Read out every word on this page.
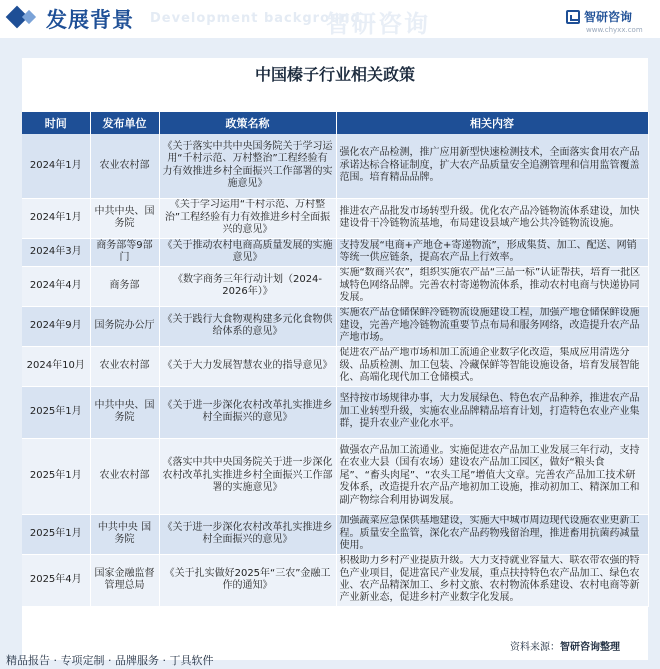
发展背景 Development background
智研咨询	智研咨询
www.chyxx.com
中国榛子行业相关政策
时间	发布单位	政策名称	相关内容
2024年1月	农业农村部	《关于落实中共中央国务院关于学习运用“千村示范、万村整治”工程经验有力有效推进乡村全面振兴工作部署的实施意见》	强化农产品检测，推广应用新型快速检测技术，全面落实食用农产品承诺达标合格证制度，扩大农产品质量安全追溯管理和信用监管覆盖范围。培育精品品牌。
2024年1月	中共中央、国务院	《关于学习运用“千村示范、万村整治”工程经验有力有效推进乡村全面振兴的意见》	推进农产品批发市场转型升级。优化农产品冷链物流体系建设，加快建设骨干冷链物流基地，布局建设县域产地公共冷链物流设施。
2024年3月	商务部等9部门	《关于推动农村电商高质量发展的实施意见》	支持发展“电商+产地仓+寄递物流”，形成集货、加工、配送、网销等统一供应链条，提高农产品上行效率。
2024年4月	商务部	《数字商务三年行动计划（2024-2026年）》	实施“数商兴农”，组织实施农产品“三品一标”认证帮扶，培育一批区域特色网络品牌。完善农村寄递物流体系，推动农村电商与快递协同发展。
2024年9月	国务院办公厅	《关于践行大食物观构建多元化食物供给体系的意见》	实施农产品仓储保鲜冷链物流设施建设工程，加强产地仓储保鲜设施建设，完善产地冷链物流重要节点布局和服务网络，改造提升农产品产地市场。
2024年10月	农业农村部	《关于大力发展智慧农业的指导意见》	促进农产品产地市场和加工流通企业数字化改造，集成应用清选分级、品质检测、加工包装、冷藏保鲜等智能设施设备，培育发展智能化、高端化现代加工仓储模式。
2025年1月	中共中央、国务院	《关于进一步深化农村改革扎实推进乡村全面振兴的意见》	坚持按市场规律办事，大力发展绿色、特色农产品种养，推进农产品加工业转型升级，实施农业品牌精品培育计划，打造特色农业产业集群，提升农业产业化水平。
2025年1月	农业农村部	《落实中共中央国务院关于进一步深化农村改革扎实推进乡村全面振兴工作部署的实施意见》	做强农产品加工流通业。实施促进农产品加工业发展三年行动，支持在农业大县（国有农场）建设农产品加工园区，做好“粮头食尾”、“畜头肉尾”、“农头工尾”增值大文章。完善农产品加工技术研发体系，改造提升农产品产地初加工设施，推动初加工、精深加工和副产物综合利用协调发展。
2025年1月	中共中央 国务院	《关于进一步深化农村改革扎实推进乡村全面振兴的意见》	加强蔬菜应急保供基地建设，实施大中城市周边现代设施农业更新工程。质量安全监管，深化农产品药物残留治理，推进畜用抗菌药减量使用。
2025年4月	国家金融监督管理总局	《关于扎实做好2025年“三农”金融工作的通知》	积极助力乡村产业提质升级。大力支持就业容量大、联农带农强的特色产业项目，促进富民产业发展，重点扶持特色农产品加工、绿色农业、农产品精深加工、乡村文旅、农村物流体系建设、农村电商等新产业新业态，促进乡村产业数字化发展。
资料来源：智研咨询整理
精品报告 · 专项定制 · 品牌服务 · 丁具软件
